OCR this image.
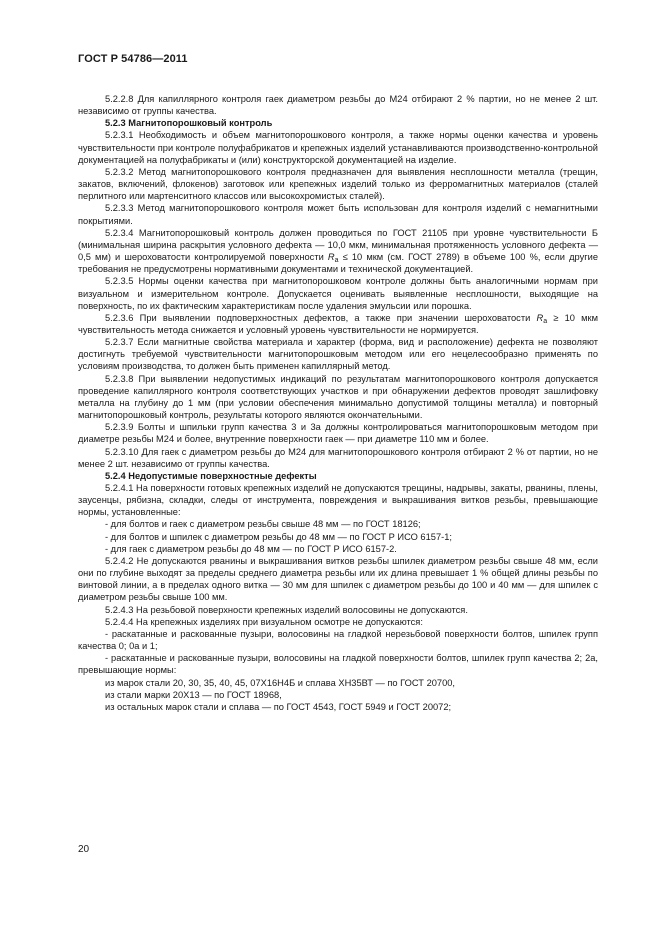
ГОСТ Р 54786—2011

5.2.2.8 Для капиллярного контроля гаек диаметром резьбы до М24 отбирают 2 % партии, но не менее 2 шт. независимо от группы качества.

5.2.3 Магнитопорошковый контроль

5.2.3.1 Необходимость и объем магнитопорошкового контроля, а также нормы оценки качества и уровень чувствительности при контроле полуфабрикатов и крепежных изделий устанавливаются производственно-контрольной документацией на полуфабрикаты и (или) конструкторской документацией на изделие.

5.2.3.2 Метод магнитопорошкового контроля предназначен для выявления несплошности металла (трещин, закатов, включений, флокенов) заготовок или крепежных изделий только из ферромагнитных материалов (сталей перлитного или мартенситного классов или высокохромистых сталей).

5.2.3.3 Метод магнитопорошкового контроля может быть использован для контроля изделий с немагнитными покрытиями.

5.2.3.4 Магнитопорошковый контроль должен проводиться по ГОСТ 21105 при уровне чувствительности Б (минимальная ширина раскрытия условного дефекта — 10,0 мкм, минимальная протяженность условного дефекта — 0,5 мм) и шероховатости контролируемой поверхности $R_a \le 10$ мкм (см. ГОСТ 2789) в объеме 100 %, если другие требования не предусмотрены нормативными документами и технической документацией.

5.2.3.5 Нормы оценки качества при магнитопорошковом контроле должны быть аналогичными нормам при визуальном и измерительном контроле. Допускается оценивать выявленные несплошности, выходящие на поверхность, по их фактическим характеристикам после удаления эмульсии или порошка.

5.2.3.6 При выявлении подповерхностных дефектов, а также при значении шероховатости $R_a \ge 10$ мкм чувствительность метода снижается и условный уровень чувствительности не нормируется.

5.2.3.7 Если магнитные свойства материала и характер (форма, вид и расположение) дефекта не позволяют достигнуть требуемой чувствительности магнитопорошковым методом или его нецелесообразно применять по условиям производства, то должен быть применен капиллярный метод.

5.2.3.8 При выявлении недопустимых индикаций по результатам магнитопорошкового контроля допускается проведение капиллярного контроля соответствующих участков и при обнаружении дефектов проводят зашлифовку металла на глубину до 1 мм (при условии обеспечения минимально допустимой толщины металла) и повторный магнитопорошковый контроль, результаты которого являются окончательными.

5.2.3.9 Болты и шпильки групп качества 3 и 3а должны контролироваться магнитопорошковым методом при диаметре резьбы М24 и более, внутренние поверхности гаек — при диаметре 110 мм и более.

5.2.3.10 Для гаек с диаметром резьбы до М24 для магнитопорошкового контроля отбирают 2 % от партии, но не менее 2 шт. независимо от группы качества.

5.2.4 Недопустимые поверхностные дефекты

5.2.4.1 На поверхности готовых крепежных изделий не допускаются трещины, надрывы, закаты, рванины, плены, заусенцы, рябизна, складки, следы от инструмента, повреждения и выкрашивания витков резьбы, превышающие нормы, установленные:

- для болтов и гаек с диаметром резьбы свыше 48 мм — по ГОСТ 18126;

- для болтов и шпилек с диаметром резьбы до 48 мм — по ГОСТ Р ИСО 6157-1;

- для гаек с диаметром резьбы до 48 мм — по ГОСТ Р ИСО 6157-2.

5.2.4.2 Не допускаются рванины и выкрашивания витков резьбы шпилек диаметром резьбы свыше 48 мм, если они по глубине выходят за пределы среднего диаметра резьбы или их длина превышает 1 % общей длины резьбы по винтовой линии, а в пределах одного витка — 30 мм для шпилек с диаметром резьбы до 100 и 40 мм — для шпилек с диаметром резьбы свыше 100 мм.

5.2.4.3 На резьбовой поверхности крепежных изделий волосовины не допускаются.

5.2.4.4 На крепежных изделиях при визуальном осмотре не допускаются:

- раскатанные и раскованные пузыри, волосовины на гладкой нерезьбовой поверхности болтов, шпилек групп качества 0; 0а и 1;

- раскатанные и раскованные пузыри, волосовины на гладкой поверхности болтов, шпилек групп качества 2; 2а, превышающие нормы:

из марок стали 20, 30, 35, 40, 45, 07Х16Н4Б и сплава ХН35ВТ — по ГОСТ 20700,

из стали марки 20Х13 — по ГОСТ 18968,

из остальных марок стали и сплава — по ГОСТ 4543, ГОСТ 5949 и ГОСТ 20072;

20
